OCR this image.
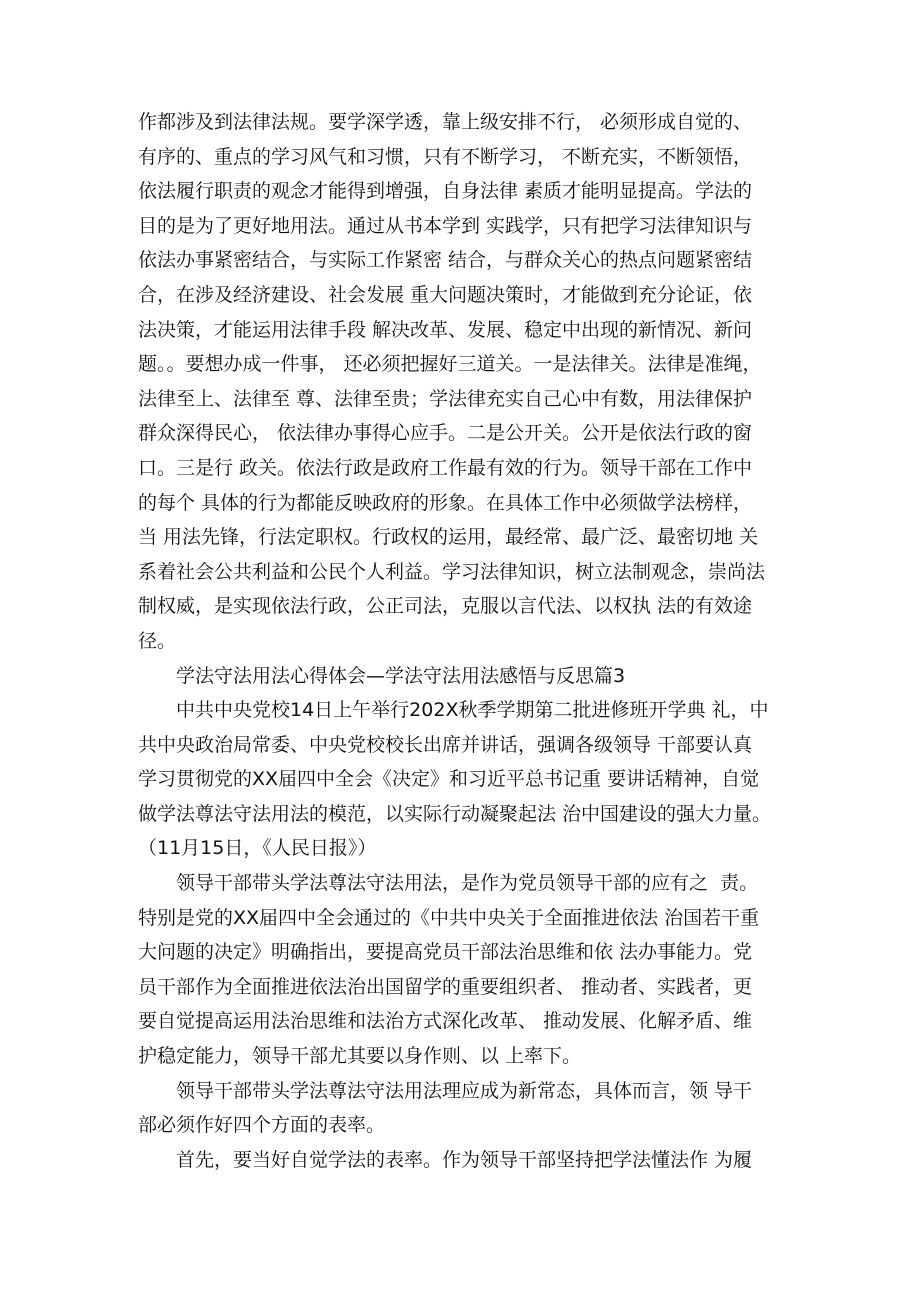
作都涉及到法律法规。要学深学透，靠上级安排不行， 必须形成自觉的、
有序的、重点的学习风气和习惯，只有不断学习， 不断充实，不断领悟，
依法履行职责的观念才能得到增强，自身法律 素质才能明显提高。学法的
目的是为了更好地用法。通过从书本学到 实践学，只有把学习法律知识与
依法办事紧密结合，与实际工作紧密 结合，与群众关心的热点问题紧密结
合，在涉及经济建设、社会发展 重大问题决策时，才能做到充分论证，依
法决策，才能运用法律手段 解决改革、发展、稳定中出现的新情况、新问
题。。要想办成一件事， 还必须把握好三道关。一是法律关。法律是准绳，
法律至上、法律至 尊、法律至贵；学法律充实自己心中有数，用法律保护
群众深得民心， 依法律办事得心应手。二是公开关。公开是依法行政的窗
口。三是行 政关。依法行政是政府工作最有效的行为。领导干部在工作中
的每个 具体的行为都能反映政府的形象。在具体工作中必须做学法榜样，
当 用法先锋，行法定职权。行政权的运用，最经常、最广泛、最密切地 关
系着社会公共利益和公民个人利益。学习法律知识，树立法制观念，崇尚法
制权威，是实现依法行政，公正司法，克服以言代法、以权执 法的有效途
径。
学法守法用法心得体会—学法守法用法感悟与反思篇3
中共中央党校14日上午举行202X秋季学期第二批进修班开学典 礼，中
共中央政治局常委、中央党校校长出席并讲话，强调各级领导 干部要认真
学习贯彻党的XX届四中全会《决定》和习近平总书记重 要讲话精神，自觉
做学法尊法守法用法的模范，以实际行动凝聚起法 治中国建设的强大力量。
（11月15日，《人民日报》）
领导干部带头学法尊法守法用法，是作为党员领导干部的应有之  责。
特别是党的XX届四中全会通过的《中共中央关于全面推进依法 治国若干重
大问题的决定》明确指出，要提高党员干部法治思维和依 法办事能力。党
员干部作为全面推进依法治出国留学的重要组织者、 推动者、实践者，更
要自觉提高运用法治思维和法治方式深化改革、 推动发展、化解矛盾、维
护稳定能力，领导干部尤其要以身作则、以 上率下。
领导干部带头学法尊法守法用法理应成为新常态，具体而言，领 导干
部必须作好四个方面的表率。
首先，要当好自觉学法的表率。作为领导干部坚持把学法懂法作 为履
